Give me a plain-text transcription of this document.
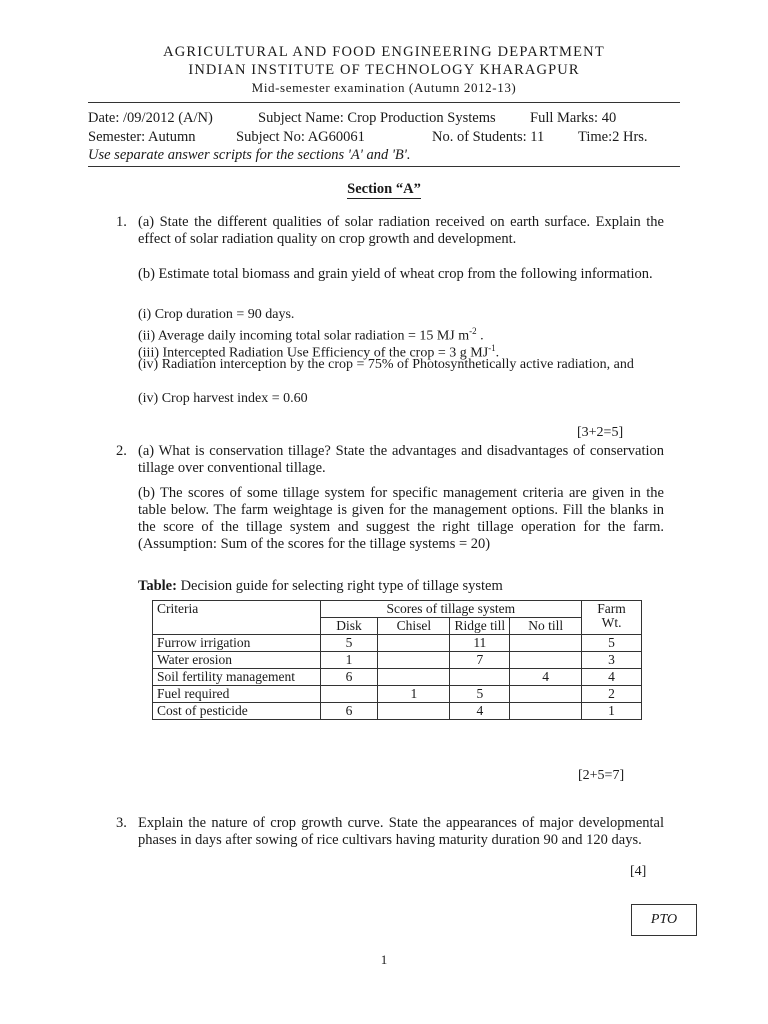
AGRICULTURAL AND FOOD ENGINEERING DEPARTMENT
INDIAN INSTITUTE OF TECHNOLOGY KHARAGPUR
Mid-semester examination (Autumn 2012-13)
Date: /09/2012 (A/N)	Subject Name: Crop Production Systems Full Marks: 40
Semester: Autumn	Subject No: AG60061	No. of Students: 11 Time:2 Hrs.
Use separate answer scripts for the sections 'A' and 'B'.
Section “A”
1. (a) State the different qualities of solar radiation received on earth surface. Explain the effect of solar radiation quality on crop growth and development.
(b) Estimate total biomass and grain yield of wheat crop from the following information.
(i) Crop duration = 90 days.
(ii) Average daily incoming total solar radiation = 15 MJ $m^{-2}$ .
(iii) Intercepted Radiation Use Efficiency of the crop = 3 g $MJ^{-1}$.
(iv) Radiation interception by the crop = 75% of Photosynthetically active radiation, and
(iv) Crop harvest index = 0.60
[3+2=5]
2. (a) What is conservation tillage? State the advantages and disadvantages of conservation tillage over conventional tillage.
(b) The scores of some tillage system for specific management criteria are given in the table below. The farm weightage is given for the management options. Fill the blanks in the score of the tillage system and suggest the right tillage operation for the farm. (Assumption: Sum of the scores for the tillage systems = 20)
Table: Decision guide for selecting right type of tillage system
Criteria	Scores of tillage system				Farm Wt.
	Disk	Chisel	Ridge till	No till	
Furrow irrigation	5		11		5
Water erosion	1		7		3
Soil fertility management	6			4	4
Fuel required		1	5		2
Cost of pesticide	6		4		1
[2+5=7]
3. Explain the nature of crop growth curve. State the appearances of major developmental phases in days after sowing of rice cultivars having maturity duration 90 and 120 days.
[4]
PTO
1
